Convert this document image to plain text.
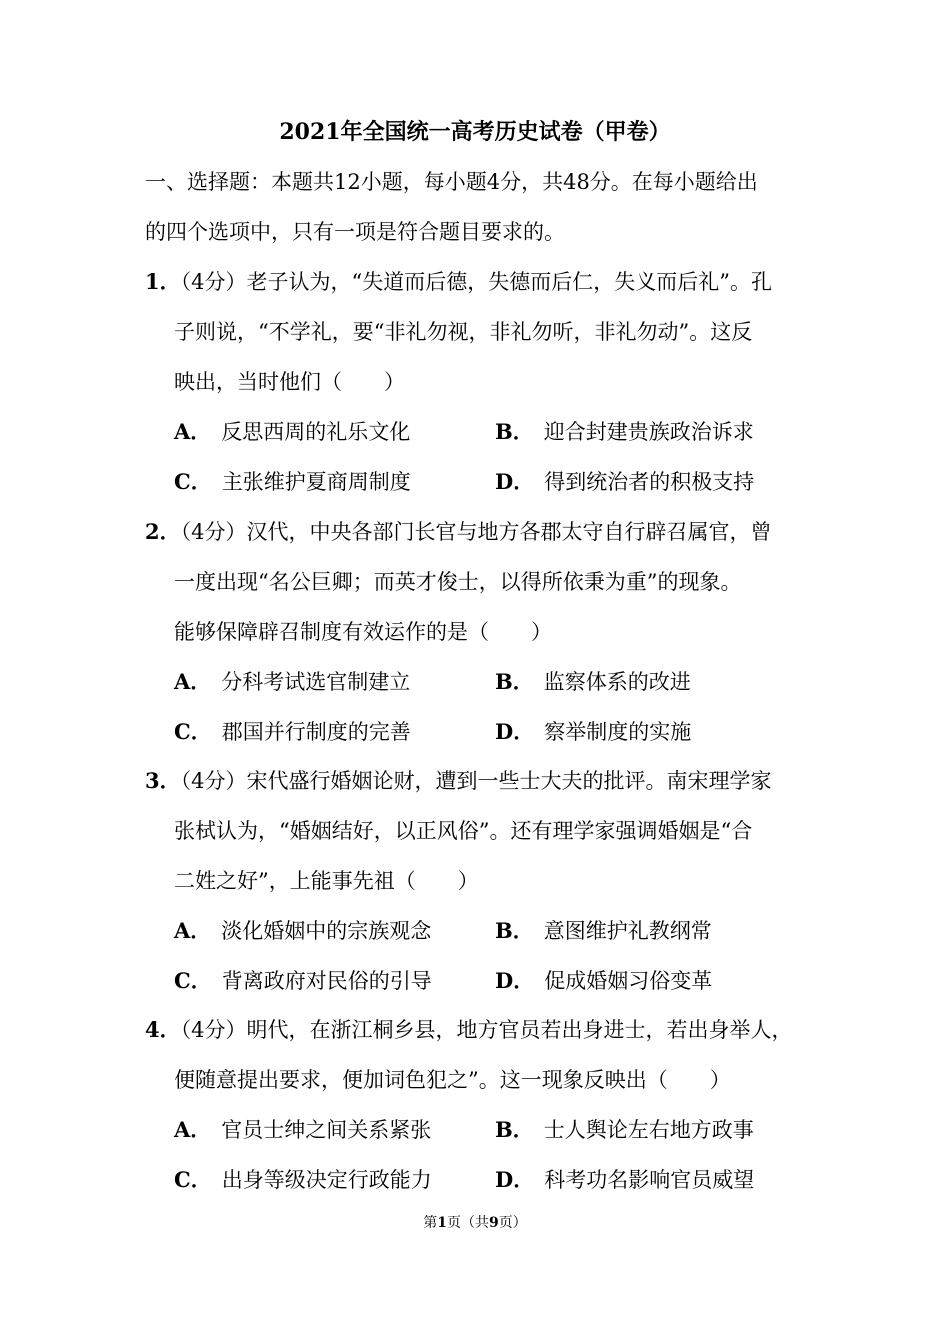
2021年全国统一高考历史试卷（甲卷）
一、选择题：本题共12小题，每小题4分，共48分。在每小题给出
的四个选项中，只有一项是符合题目要求的。
1．（4分）老子认为，“失道而后德，失德而后仁，失义而后礼”。孔
子则说，“不学礼，要“非礼勿视，非礼勿听，非礼勿动”。这反
映出，当时他们（　　）
A． 反思西周的礼乐文化	B． 迎合封建贵族政治诉求
C． 主张维护夏商周制度	D． 得到统治者的积极支持
2．（4分）汉代，中央各部门长官与地方各郡太守自行辟召属官，曾
一度出现“名公巨卿；而英才俊士，以得所依秉为重”的现象。
能够保障辟召制度有效运作的是（　　）
A． 分科考试选官制建立	B． 监察体系的改进
C． 郡国并行制度的完善	D． 察举制度的实施
3．（4分）宋代盛行婚姻论财，遭到一些士大夫的批评。南宋理学家
张栻认为，“婚姻结好，以正风俗”。还有理学家强调婚姻是“合
二姓之好”，上能事先祖（　　）
A． 淡化婚姻中的宗族观念	B． 意图维护礼教纲常
C． 背离政府对民俗的引导	D． 促成婚姻习俗变革
4．（4分）明代，在浙江桐乡县，地方官员若出身进士，若出身举人，
便随意提出要求，便加词色犯之”。这一现象反映出（　　）
A． 官员士绅之间关系紧张	B． 士人舆论左右地方政事
C． 出身等级决定行政能力	D． 科考功名影响官员威望
第1页（共9页）
